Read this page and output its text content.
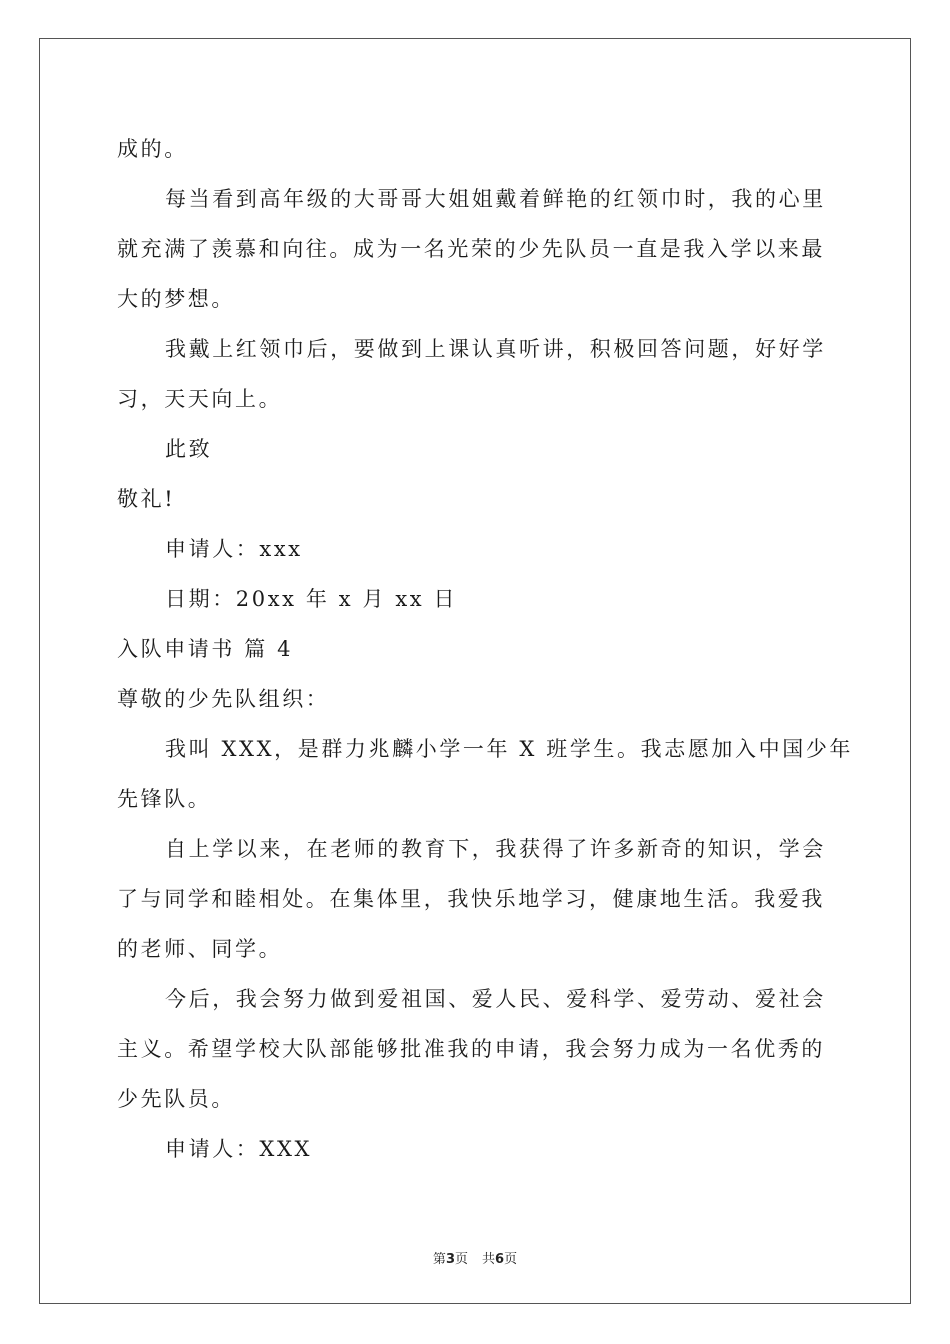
成的。
每当看到高年级的大哥哥大姐姐戴着鲜艳的红领巾时，我的心里
就充满了羡慕和向往。成为一名光荣的少先队员一直是我入学以来最
大的梦想。
我戴上红领巾后，要做到上课认真听讲，积极回答问题，好好学
习，天天向上。
此致
敬礼!
申请人：xxx
日期：20xx 年 x 月 xx 日
入队申请书 篇 4
尊敬的少先队组织：
我叫 XXX，是群力兆麟小学一年 X 班学生。我志愿加入中国少年
先锋队。
自上学以来，在老师的教育下，我获得了许多新奇的知识，学会
了与同学和睦相处。在集体里，我快乐地学习，健康地生活。我爱我
的老师、同学。
今后，我会努力做到爱祖国、爱人民、爱科学、爱劳动、爱社会
主义。希望学校大队部能够批准我的申请，我会努力成为一名优秀的
少先队员。
申请人：XXX
第3页 共6页
